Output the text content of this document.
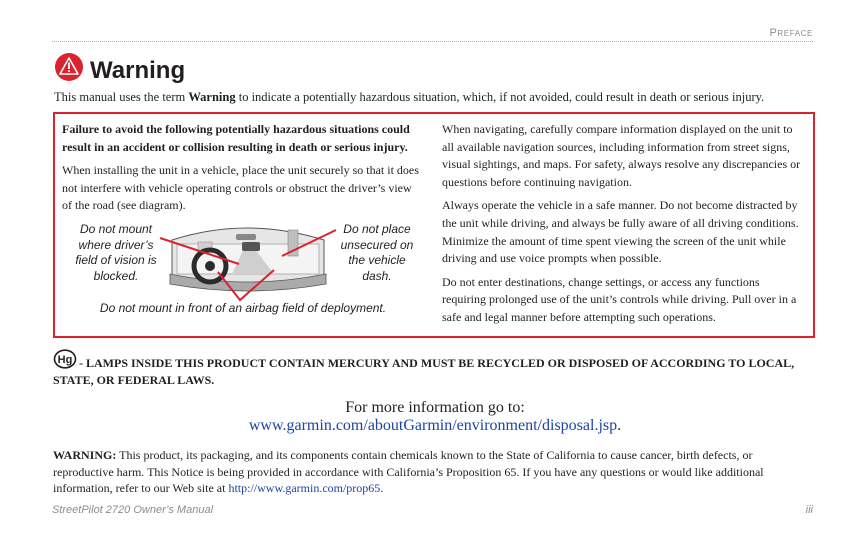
Preface
Warning
This manual uses the term Warning to indicate a potentially hazardous situation, which, if not avoided, could result in death or serious injury.

Failure to avoid the following potentially hazardous situations could result in an accident or collision resulting in death or serious injury.

When installing the unit in a vehicle, place the unit securely so that it does not interfere with vehicle operating controls or obstruct the driver’s view of the road (see diagram).

Do not mount where driver’s field of vision is blocked.
Do not place unsecured on the vehicle dash.
Do not mount in front of an airbag field of deployment.

When navigating, carefully compare information displayed on the unit to all available navigation sources, including information from street signs, visual sightings, and maps. For safety, always resolve any discrepancies or questions before continuing navigation.

Always operate the vehicle in a safe manner. Do not become distracted by the unit while driving, and always be fully aware of all driving conditions. Minimize the amount of time spent viewing the screen of the unit while driving and use voice prompts when possible.

Do not enter destinations, change settings, or access any functions requiring prolonged use of the unit’s controls while driving. Pull over in a safe and legal manner before attempting such operations.

Hg - LAMPS INSIDE THIS PRODUCT CONTAIN MERCURY AND MUST BE RECYCLED OR DISPOSED OF ACCORDING TO LOCAL, STATE, OR FEDERAL LAWS.
For more information go to:
www.garmin.com/aboutGarmin/environment/disposal.jsp.
WARNING: This product, its packaging, and its components contain chemicals known to the State of California to cause cancer, birth defects, or reproductive harm. This Notice is being provided in accordance with California’s Proposition 65. If you have any questions or would like additional information, refer to our Web site at http://www.garmin.com/prop65.
StreetPilot 2720 Owner’s Manual	iii
